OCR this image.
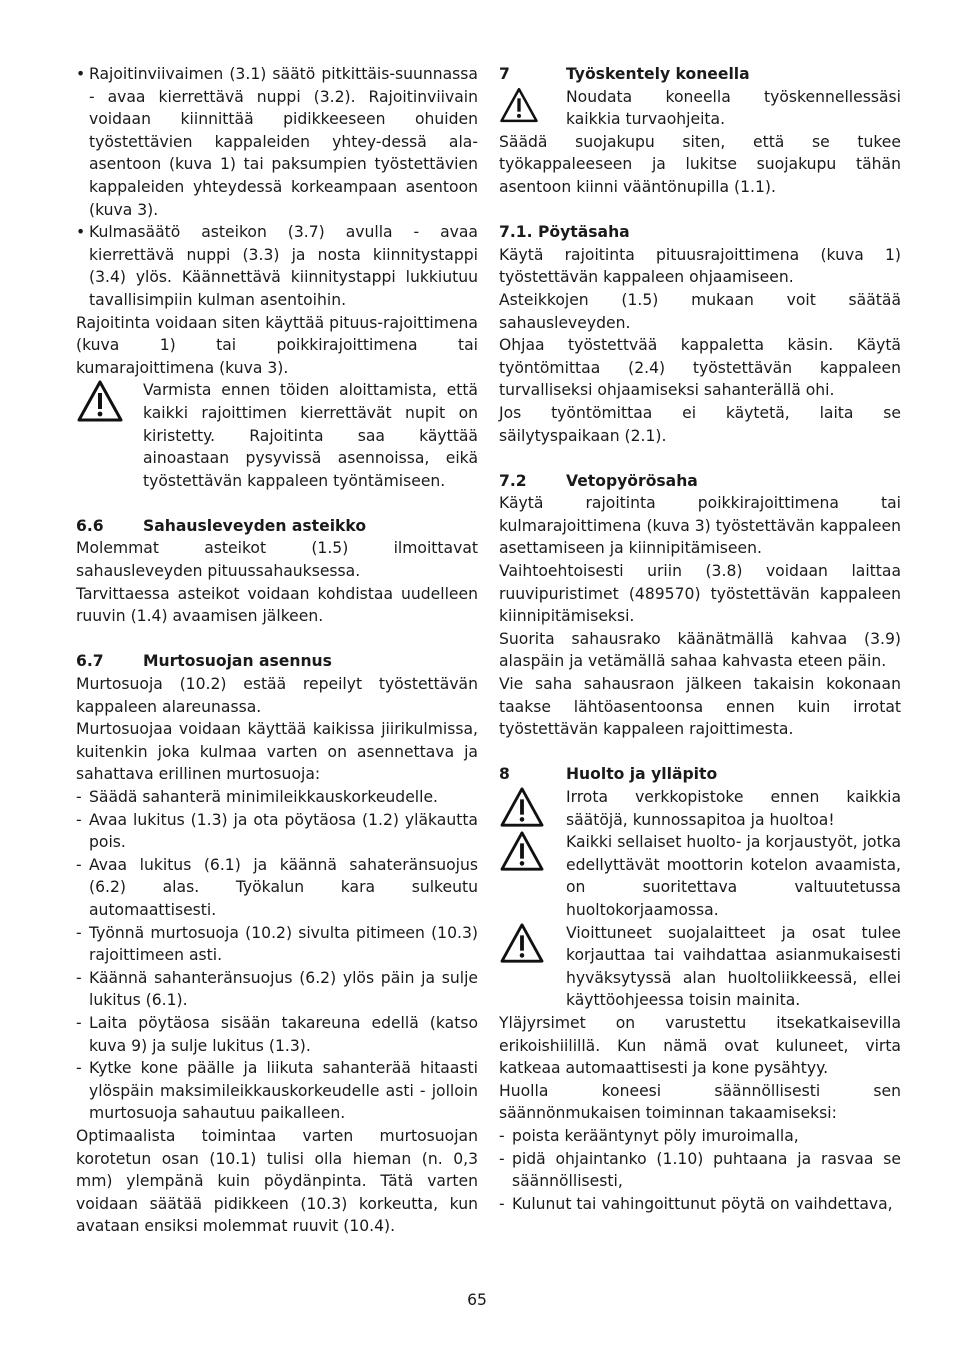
• Rajoitinviivaimen (3.1) säätö pitkittäis-suunnassa - avaa kierrettävä nuppi (3.2). Rajoitinviivain voidaan kiinnittää pidikkeeseen ohuiden työstettävien kappaleiden yhtey-dessä ala-asentoon (kuva 1) tai paksumpien työstettävien kappaleiden yhteydessä korkeampaan asentoon (kuva 3).
• Kulmasäätö asteikon (3.7) avulla - avaa kierrettävä nuppi (3.3) ja nosta kiinnitystappi (3.4) ylös. Käännettävä kiinnitystappi lukkiutuu tavallisimpiin kulman asentoihin.

Rajoitinta voidaan siten käyttää pituus-rajoittimena (kuva 1) tai poikkirajoittimena tai kumarajoittimena (kuva 3).

Varmista ennen töiden aloittamista, että kaikki rajoittimen kierrettävät nupit on kiristetty. Rajoitinta saa käyttää ainoastaan pysyvissä asennoissa, eikä työstettävän kappaleen työntämiseen.
6.6	Sahausleveyden asteikko

Molemmat asteikot (1.5) ilmoittavat sahausleveyden pituussahauksessa.

Tarvittaessa asteikot voidaan kohdistaa uudelleen ruuvin (1.4) avaamisen jälkeen.

6.7	Murtosuojan asennus

Murtosuoja (10.2) estää repeilyt työstettävän kappaleen alareunassa.

Murtosuojaa voidaan käyttää kaikissa jiirikulmissa, kuitenkin joka kulmaa varten on asennettava ja sahattava erillinen murtosuoja:

- Säädä sahanterä minimileikkauskorkeudelle.
- Avaa lukitus (1.3) ja ota pöytäosa (1.2) yläkautta pois.
- Avaa lukitus (6.1) ja käännä sahateränsuojus (6.2) alas. Työkalun kara sulkeutu automaattisesti.
- Työnnä murtosuoja (10.2) sivulta pitimeen (10.3) rajoittimeen asti.
- Käännä sahanteränsuojus (6.2) ylös päin ja sulje lukitus (6.1).
- Laita pöytäosa sisään takareuna edellä (katso kuva 9) ja sulje lukitus (1.3).
- Kytke kone päälle ja liikuta sahanterää hitaasti ylöspäin maksimileikkauskorkeudelle asti - jolloin murtosuoja sahautuu paikalleen.

Optimaalista toimintaa varten murtosuojan korotetun osan (10.1) tulisi olla hieman (n. 0,3 mm) ylempänä kuin pöydänpinta. Tätä varten voidaan säätää pidikkeen (10.3) korkeutta, kun avataan ensiksi molemmat ruuvit (10.4).

7	Työskentely koneella
Noudata koneella työskennellessäsi kaikkia turvaohjeita.

Säädä suojakupu siten, että se tukee työkappaleeseen ja lukitse suojakupu tähän asentoon kiinni vääntönupilla (1.1).

7.1. Pöytäsaha

Käytä rajoitinta pituusrajoittimena (kuva 1) työstettävän kappaleen ohjaamiseen.

Asteikkojen (1.5) mukaan voit säätää sahausleveyden.

Ohjaa työstettvää kappaletta käsin. Käytä työntömittaa (2.4) työstettävän kappaleen turvalliseksi ohjaamiseksi sahanterällä ohi.

Jos työntömittaa ei käytetä, laita se säilytyspaikaan (2.1).

7.2	Vetopyörösaha

Käytä rajoitinta poikkirajoittimena tai kulmarajoittimena (kuva 3) työstettävän kappaleen asettamiseen ja kiinnipitämiseen.

Vaihtoehtoisesti uriin (3.8) voidaan laittaa ruuvipuristimet (489570) työstettävän kappaleen kiinnipitämiseksi.

Suorita sahausrako käänätmällä kahvaa (3.9) alaspäin ja vetämällä sahaa kahvasta eteen päin.

Vie saha sahausraon jälkeen takaisin kokonaan taakse lähtöasentoonsa ennen kuin irrotat työstettävän kappaleen rajoittimesta.

8	Huolto ja ylläpito

Irrota verkkopistoke ennen kaikkia säätöjä, kunnossapitoa ja huoltoa!

Kaikki sellaiset huolto- ja korjaustyöt, jotka edellyttävät moottorin kotelon avaamista, on suoritettava valtuutetussa huoltokorjaamossa.

Vioittuneet suojalaitteet ja osat tulee korjauttaa tai vaihdattaa asianmukaisesti hyväksytyssä alan huoltoliikkeessä, ellei käyttöohjeessa toisin mainita.

Yläjyrsimet on varustettu itsekatkaisevilla erikoishiilillä. Kun nämä ovat kuluneet, virta katkeaa automaattisesti ja kone pysähtyy.

Huolla koneesi säännöllisesti sen säännönmukaisen toiminnan takaamiseksi:

- poista kerääntynyt pöly imuroimalla,
- pidä ohjaintanko (1.10) puhtaana ja rasvaa se säännöllisesti,
- Kulunut tai vahingoittunut pöytä on vaihdettava,
65
